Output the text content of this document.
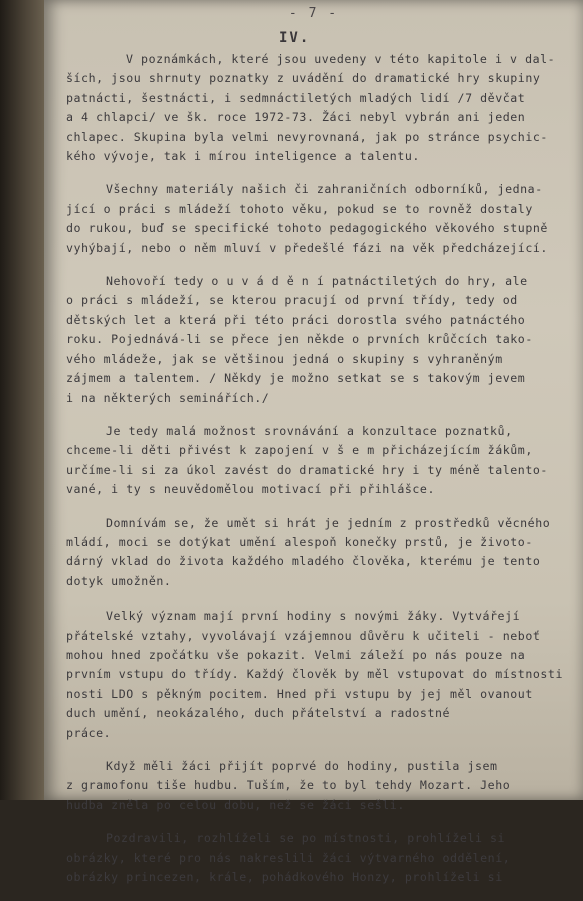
- 7 -
IV.
V poznámkách, které jsou uvedeny v této kapitole i v dal-
ších, jsou shrnuty poznatky z uvádění do dramatické hry skupiny
patnácti, šestnácti, i sedmnáctiletých mladých lidí /7 děvčat
a 4 chlapci/ ve šk. roce 1972-73. Žáci nebyl vybrán ani jeden
chlapec. Skupina byla velmi nevyrovnaná, jak po stránce psychic-
kého vývoje, tak i mírou inteligence a talentu.
Všechny materiály našich či zahraničních odborníků, jedna-
jící o práci s mládeží tohoto věku, pokud se to rovněž dostaly
do rukou, buď se specifické tohoto pedagogického věkového stupně
vyhýbají, nebo o něm mluví v předešlé fázi na věk předcházející.
Nehovoří tedy o u v á d ě n í patnáctiletých do hry, ale
o práci s mládeží, se kterou pracují od první třídy, tedy od
dětských let a která při této práci dorostla svého patnáctého
roku. Pojednává-li se přece jen někde o prvních krůčcích tako-
vého mládeže, jak se většinou jedná o skupiny s vyhraněným
zájmem a talentem. / Někdy je možno setkat se s takovým jevem
i na některých seminářích./
Je tedy malá možnost srovnávání a konzultace poznatků,
chceme-li děti přivést k zapojení v š e m přicházejícím žákům,
určíme-li si za úkol zavést do dramatické hry i ty méně talento-
vané, i ty s neuvědomělou motivací při přihlášce.
Domnívám se, že umět si hrát je jedním z prostředků věcného
mládí, moci se dotýkat umění alespoň konečky prstů, je životo-
dárný vklad do života každého mladého člověka, kterému je tento
dotyk umožněn.
Velký význam mají první hodiny s novými žáky. Vytvářejí
přátelské vztahy, vyvolávají vzájemnou důvěru k učiteli - neboť
mohou hned zpočátku vše pokazit. Velmi záleží po nás pouze na
prvním vstupu do třídy. Každý člověk by měl vstupovat do místnosti
nosti LDO s pěkným pocitem. Hned při vstupu by jej měl ovanout
duch umění, neokázalého, duch přátelství a radostné
práce.
Když měli žáci přijít poprvé do hodiny, pustila jsem
z gramofonu tiše hudbu. Tuším, že to byl tehdy Mozart. Jeho
hudba zněla po celou dobu, než se žáci sešli.
Pozdravili, rozhlíželi se po místnosti, prohlíželi si
obrázky, které pro nás nakreslili žáci výtvarného oddělení,
obrázky princezen, krále, pohádkového Honzy, prohlíželi si
